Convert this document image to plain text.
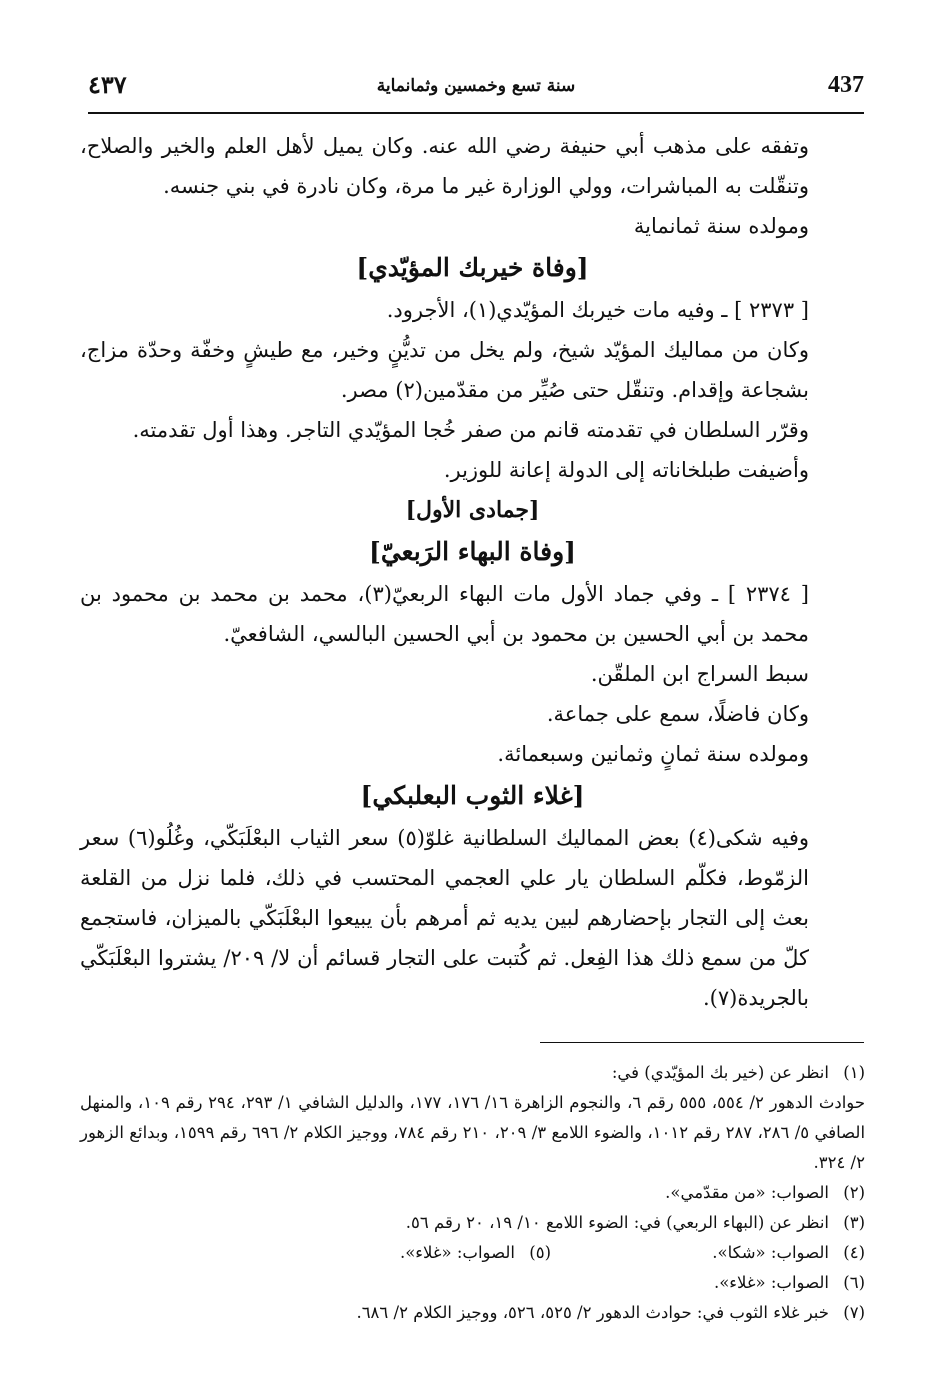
٤٣٧	سنة تسع وخمسين وثمانماية	437

وتفقه على مذهب أبي حنيفة رضي الله عنه. وكان يميل لأهل العلم والخير والصلاح، وتنقّلت به المباشرات، وولي الوزارة غير ما مرة، وكان نادرة في بني جنسه.

ومولده سنة ثمانماية

[وفاة خيربك المؤيّدي]

[ ٢٣٧٣ ] ـ وفيه مات خيربك المؤيّدي(١)، الأجرود.

وكان من مماليك المؤيّد شيخ، ولم يخل من تديُّنٍ وخير، مع طيشٍ وخفّة وحدّة مزاج، بشجاعة وإقدام. وتنقّل حتى صُيِّر من مقدّمين(٢) مصر.

وقرّر السلطان في تقدمته قانم من صفر خُجا المؤيّدي التاجر. وهذا أول تقدمته.

وأضيفت طبلخاناته إلى الدولة إعانة للوزير.

[جمادى الأول]

[وفاة البهاء الرَبعيّ]

[ ٢٣٧٤ ] ـ وفي جماد الأول مات البهاء الربعيّ(٣)، محمد بن محمد بن محمود بن محمد بن أبي الحسين بن محمود بن أبي الحسين البالسي، الشافعيّ.

سبط السراج ابن الملقّن.

وكان فاضلًا، سمع على جماعة.

ومولده سنة ثمانٍ وثمانين وسبعمائة.

[غلاء الثوب البعلبكي]

وفيه شكى(٤) بعض المماليك السلطانية غلوّ(٥) سعر الثياب البعْلَبَكّي، وغُلُو(٦) سعر الزمّوط، فكلّم السلطان يار علي العجمي المحتسب في ذلك، فلما نزل من القلعة بعث إلى التجار بإحضارهم لبين يديه ثم أمرهم بأن يبيعوا البعْلَبَكّي بالميزان، فاستجمع كلّ من سمع ذلك هذا الفِعل. ثم كُتبت على التجار قسائم أن لا/ ٢٠٩/ يشتروا البعْلَبَكّي بالجريدة(٧).

(١)
انظر عن (خير بك المؤيّدي) في:
حوادث الدهور ٢/ ٥٥٤، ٥٥٥ رقم ٦، والنجوم الزاهرة ١٦/ ١٧٦، ١٧٧، والدليل الشافي ١/ ٢٩٣، ٢٩٤ رقم ١٠٩، والمنهل الصافي ٥/ ٢٨٦، ٢٨٧ رقم ١٠١٢، والضوء اللامع ٣/ ٢٠٩، ٢١٠ رقم ٧٨٤، ووجيز الكلام ٢/ ٦٩٦ رقم ١٥٩٩، وبدائع الزهور ٢/ ٣٢٤.
(٢)
الصواب: «من مقدّمي».
(٣)
انظر عن (البهاء الربعي) في: الضوء اللامع ١٠/ ١٩، ٢٠ رقم ٥٦.
(٤)
الصواب: «شكا».
(٥)
الصواب: «غلاء».
(٦)
الصواب: «غلاء».
(٧)
خبر غلاء الثوب في: حوادث الدهور ٢/ ٥٢٥، ٥٢٦، ووجيز الكلام ٢/ ٦٨٦.
